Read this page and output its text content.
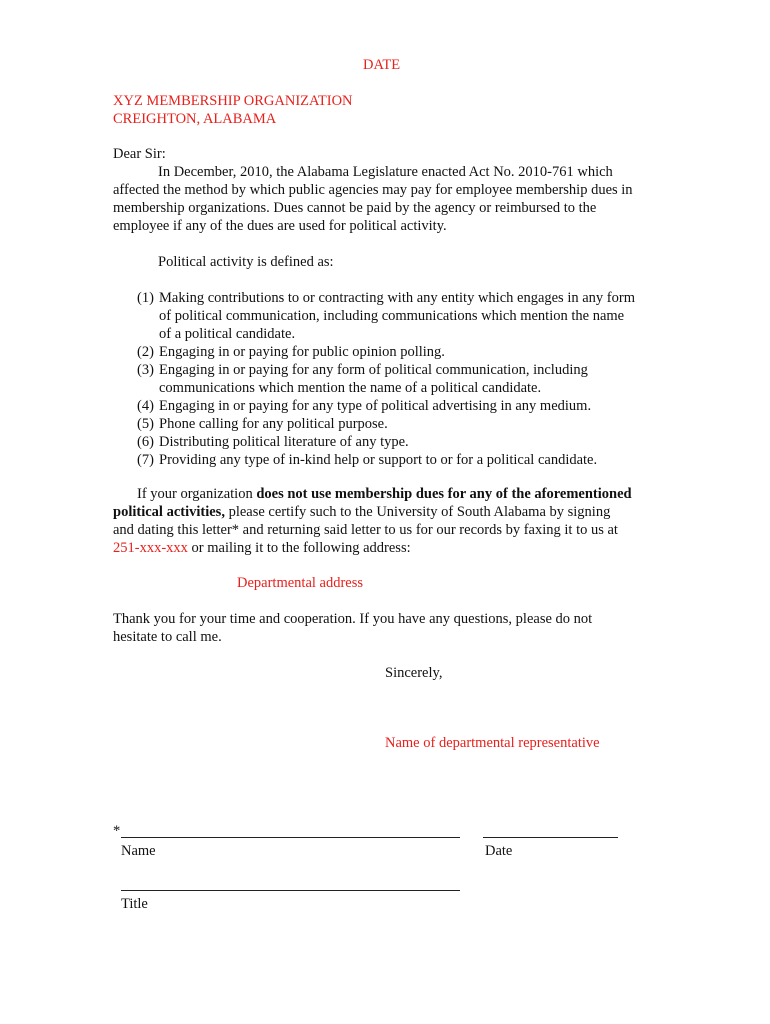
DATE
XYZ MEMBERSHIP ORGANIZATION
CREIGHTON, ALABAMA
Dear Sir:
In December, 2010, the Alabama Legislature enacted Act No. 2010-761 which
affected the method by which public agencies may pay for employee membership dues in
membership organizations. Dues cannot be paid by the agency or reimbursed to the
employee if any of the dues are used for political activity.
Political activity is defined as:
(1) Making contributions to or contracting with any entity which engages in any form
of political communication, including communications which mention the name
of a political candidate.
(2) Engaging in or paying for public opinion polling.
(3) Engaging in or paying for any form of political communication, including
communications which mention the name of a political candidate.
(4) Engaging in or paying for any type of political advertising in any medium.
(5) Phone calling for any political purpose.
(6) Distributing political literature of any type.
(7) Providing any type of in-kind help or support to or for a political candidate.
If your organization does not use membership dues for any of the aforementioned
political activities, please certify such to the University of South Alabama by signing
and dating this letter* and returning said letter to us for our records by faxing it to us at
251-xxx-xxx or mailing it to the following address:
Departmental address
Thank you for your time and cooperation. If you have any questions, please do not
hesitate to call me.
Sincerely,
Name of departmental representative
*
Name	Date
Title
